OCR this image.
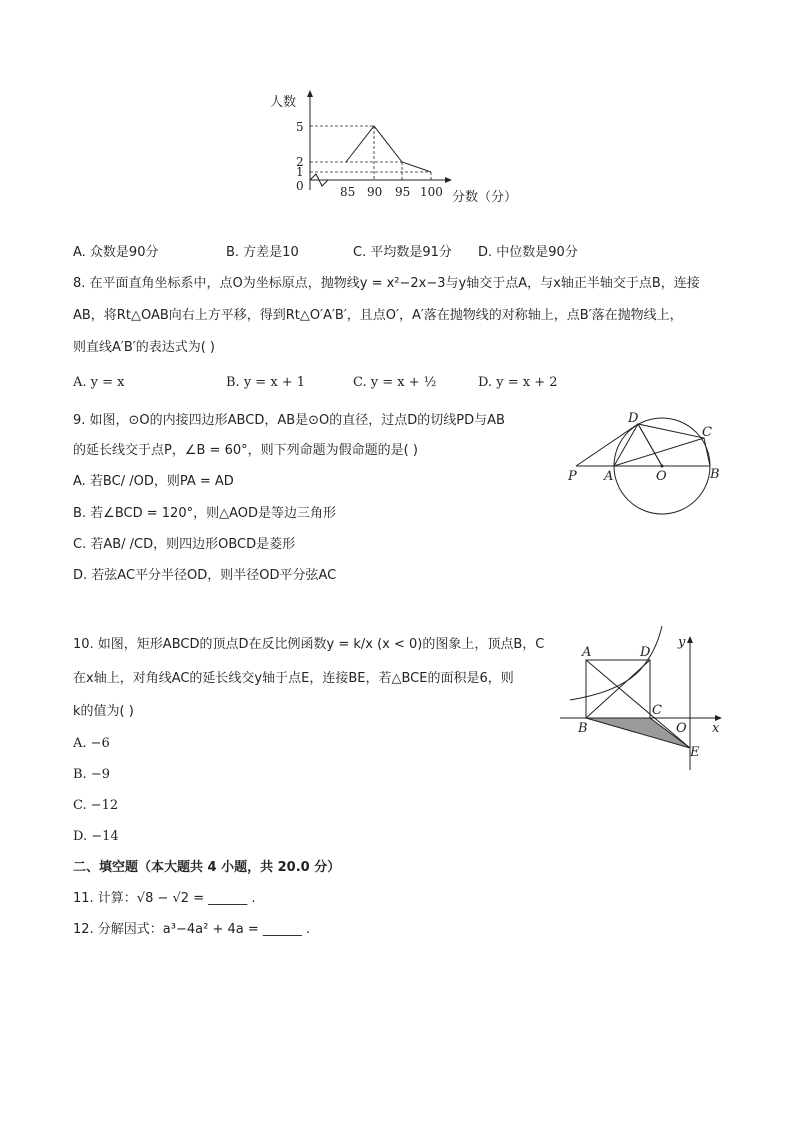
人数
5
2
1
0	85 90 95 100 分数（分）
A. 众数是90分	B. 方差是10	C. 平均数是91分 D. 中位数是90分
8. 在平面直角坐标系中，点O为坐标原点，抛物线y = x²−2x−3与y轴交于点A，与x轴正半轴交于点B，连接
AB，将Rt△OAB向右上方平移，得到Rt△O′A′B′，且点O′，A′落在抛物线的对称轴上，点B′落在抛物线上，
则直线A′B′的表达式为( )
A. y = x	B. y = x + 1	C. y = x + ½	D. y = x + 2
9. 如图，⊙O的内接四边形ABCD，AB是⊙O的直径，过点D的切线PD与AB
的延长线交于点P，∠B = 60°，则下列命题为假命题的是( )
A. 若BC/ /OD，则PA = AD
B. 若∠BCD = 120°，则△AOD是等边三角形
C. 若AB/ /CD，则四边形OBCD是菱形
D. 若弦AC平分半径OD，则半径OD平分弦AC
P A	O	B
C
D
10. 如图，矩形ABCD的顶点D在反比例函数y = k/x (x < 0)的图象上，顶点B，C
在x轴上，对角线AC的延长线交y轴于点E，连接BE，若△BCE的面积是6，则
k的值为( )
A. −6
B. −9
C. −12
D. −14
A	D
B
C
O
E
x
y
二、填空题（本大题共 4 小题，共 20.0 分）
11. 计算：√8 − √2 = ______ .
12. 分解因式：a³−4a² + 4a = ______ .
